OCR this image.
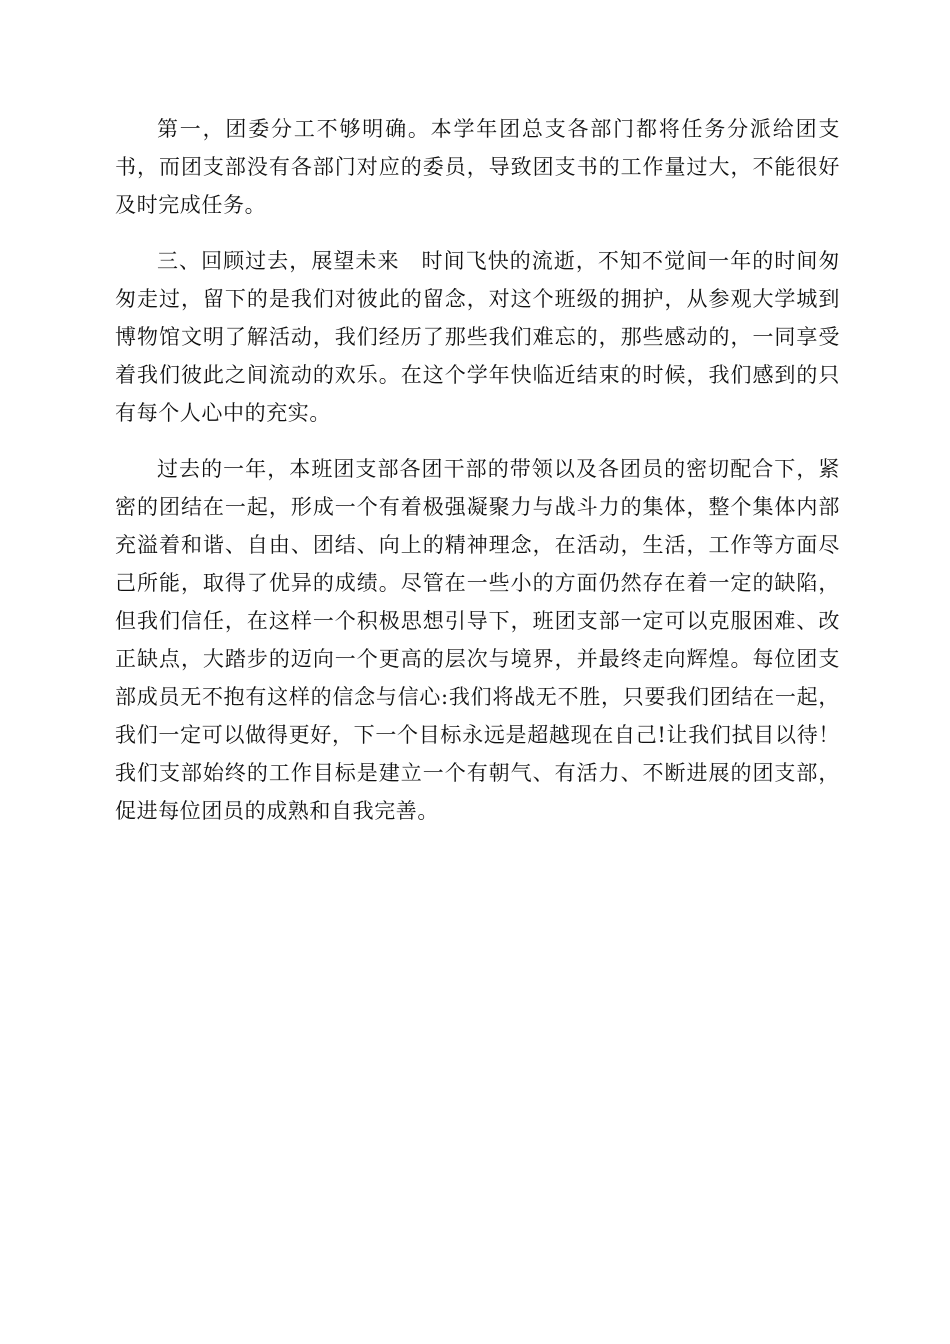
第一，团委分工不够明确。本学年团总支各部门都将任务分派给团支书，而团支部没有各部门对应的委员，导致团支书的工作量过大，不能很好及时完成任务。

三、回顾过去，展望未来　时间飞快的流逝，不知不觉间一年的时间匆匆走过，留下的是我们对彼此的留念，对这个班级的拥护，从参观大学城到博物馆文明了解活动，我们经历了那些我们难忘的，那些感动的，一同享受着我们彼此之间流动的欢乐。在这个学年快临近结束的时候，我们感到的只有每个人心中的充实。

过去的一年，本班团支部各团干部的带领以及各团员的密切配合下，紧密的团结在一起，形成一个有着极强凝聚力与战斗力的集体，整个集体内部充溢着和谐、自由、团结、向上的精神理念，在活动，生活，工作等方面尽己所能，取得了优异的成绩。尽管在一些小的方面仍然存在着一定的缺陷，但我们信任，在这样一个积极思想引导下，班团支部一定可以克服困难、改正缺点，大踏步的迈向一个更高的层次与境界，并最终走向辉煌。每位团支部成员无不抱有这样的信念与信心:我们将战无不胜，只要我们团结在一起，我们一定可以做得更好，下一个目标永远是超越现在自己!让我们拭目以待！　我们支部始终的工作目标是建立一个有朝气、有活力、不断进展的团支部，促进每位团员的成熟和自我完善。
